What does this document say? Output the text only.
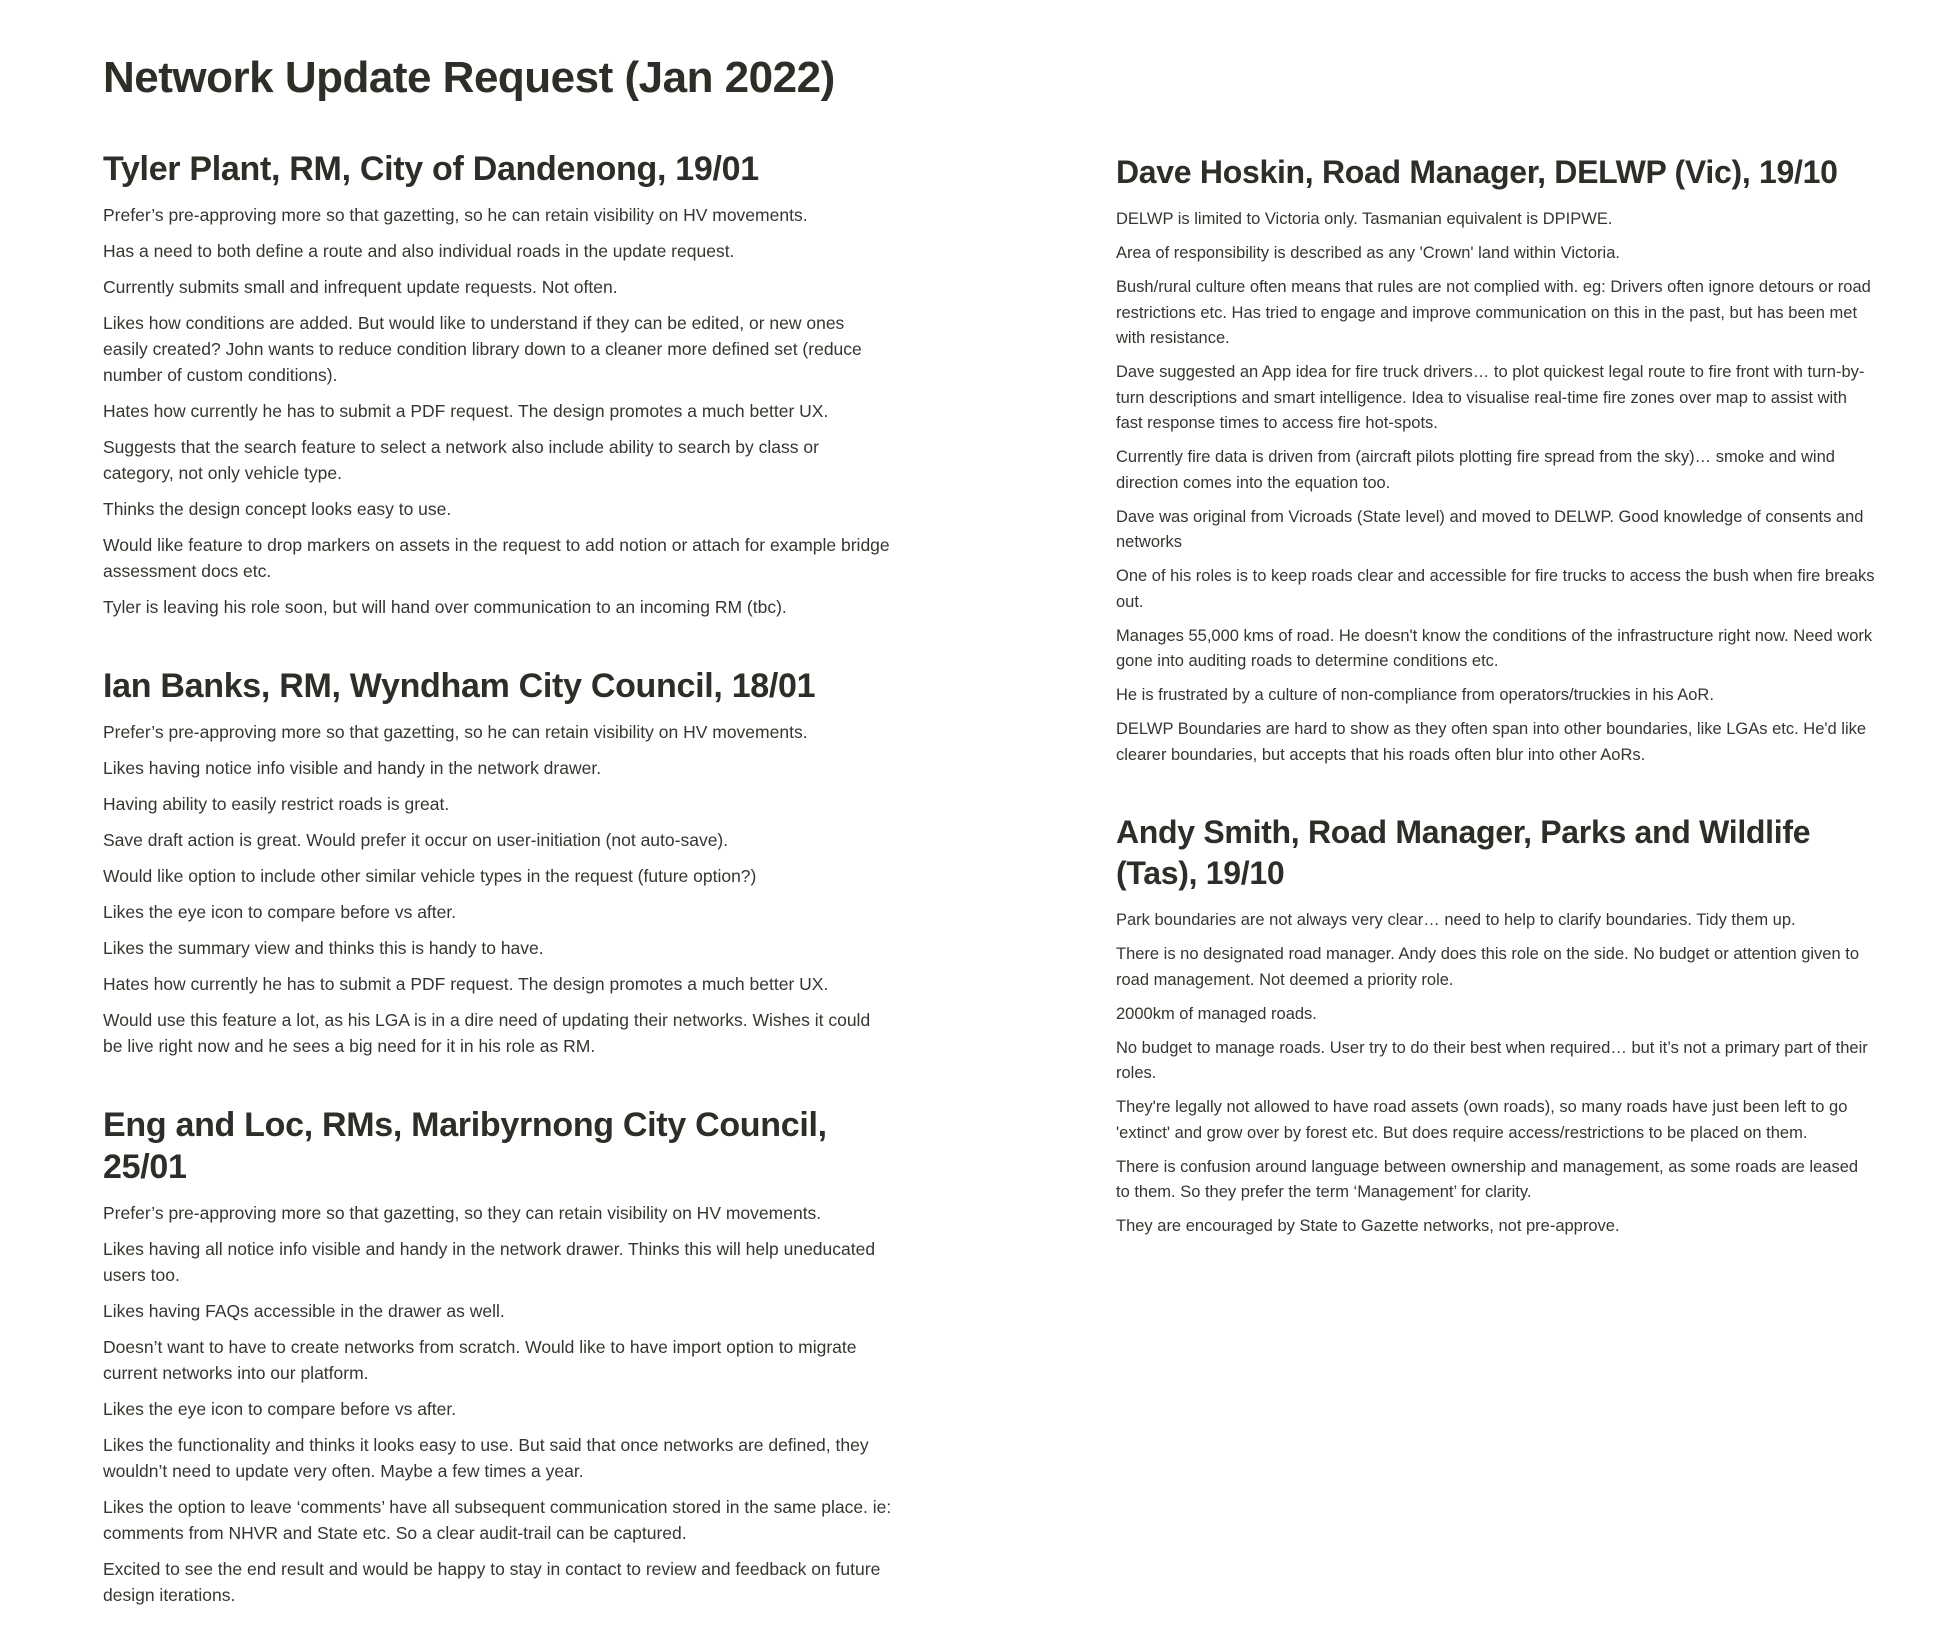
Network Update Request (Jan 2022)
Tyler Plant, RM, City of Dandenong, 19/01

Prefer’s pre-approving more so that gazetting, so he can retain visibility on HV movements.

Has a need to both define a route and also individual roads in the update request.

Currently submits small and infrequent update requests. Not often.

Likes how conditions are added. But would like to understand if they can be edited, or new ones easily created? John wants to reduce condition library down to a cleaner more defined set (reduce number of custom conditions).

Hates how currently he has to submit a PDF request. The design promotes a much better UX.

Suggests that the search feature to select a network also include ability to search by class or category, not only vehicle type.

Thinks the design concept looks easy to use.

Would like feature to drop markers on assets in the request to add notion or attach for example bridge assessment docs etc.

Tyler is leaving his role soon, but will hand over communication to an incoming RM (tbc).

Ian Banks, RM, Wyndham City Council, 18/01

Prefer’s pre-approving more so that gazetting, so he can retain visibility on HV movements.

Likes having notice info visible and handy in the network drawer.

Having ability to easily restrict roads is great.

Save draft action is great. Would prefer it occur on user-initiation (not auto-save).

Would like option to include other similar vehicle types in the request (future option?)

Likes the eye icon to compare before vs after.

Likes the summary view and thinks this is handy to have.

Hates how currently he has to submit a PDF request. The design promotes a much better UX.

Would use this feature a lot, as his LGA is in a dire need of updating their networks. Wishes it could be live right now and he sees a big need for it in his role as RM.

Eng and Loc, RMs, Maribyrnong City Council, 25/01

Prefer’s pre-approving more so that gazetting, so they can retain visibility on HV movements.

Likes having all notice info visible and handy in the network drawer. Thinks this will help uneducated users too.

Likes having FAQs accessible in the drawer as well.

Doesn’t want to have to create networks from scratch. Would like to have import option to migrate current networks into our platform.

Likes the eye icon to compare before vs after.

Likes the functionality and thinks it looks easy to use. But said that once networks are defined, they wouldn’t need to update very often. Maybe a few times a year.

Likes the option to leave ‘comments’ have all subsequent communication stored in the same place. ie: comments from NHVR and State etc. So a clear audit-trail can be captured.

Excited to see the end result and would be happy to stay in contact to review and feedback on future design iterations.

Dave Hoskin, Road Manager, DELWP (Vic), 19/10

DELWP is limited to Victoria only. Tasmanian equivalent is DPIPWE.

Area of responsibility is described as any 'Crown' land within Victoria.

Bush/rural culture often means that rules are not complied with. eg: Drivers often ignore detours or road restrictions etc. Has tried to engage and improve communication on this in the past, but has been met with resistance.

Dave suggested an App idea for fire truck drivers… to plot quickest legal route to fire front with turn-by-turn descriptions and smart intelligence. Idea to visualise real-time fire zones over map to assist with fast response times to access fire hot-spots.

Currently fire data is driven from (aircraft pilots plotting fire spread from the sky)… smoke and wind direction comes into the equation too.

Dave was original from Vicroads (State level) and moved to DELWP. Good knowledge of consents and networks

One of his roles is to keep roads clear and accessible for fire trucks to access the bush when fire breaks out.

Manages 55,000 kms of road. He doesn't know the conditions of the infrastructure right now. Need work gone into auditing roads to determine conditions etc.

He is frustrated by a culture of non-compliance from operators/truckies in his AoR.

DELWP Boundaries are hard to show as they often span into other boundaries, like LGAs etc. He'd like clearer boundaries, but accepts that his roads often blur into other AoRs.

Andy Smith, Road Manager, Parks and Wildlife (Tas), 19/10

Park boundaries are not always very clear… need to help to clarify boundaries. Tidy them up.

There is no designated road manager. Andy does this role on the side. No budget or attention given to road management. Not deemed a priority role.

2000km of managed roads.

No budget to manage roads. User try to do their best when required… but it’s not a primary part of their roles.

They're legally not allowed to have road assets (own roads), so many roads have just been left to go 'extinct' and grow over by forest etc. But does require access/restrictions to be placed on them.

There is confusion around language between ownership and management, as some roads are leased to them. So they prefer the term ‘Management’ for clarity.

They are encouraged by State to Gazette networks, not pre-approve.
